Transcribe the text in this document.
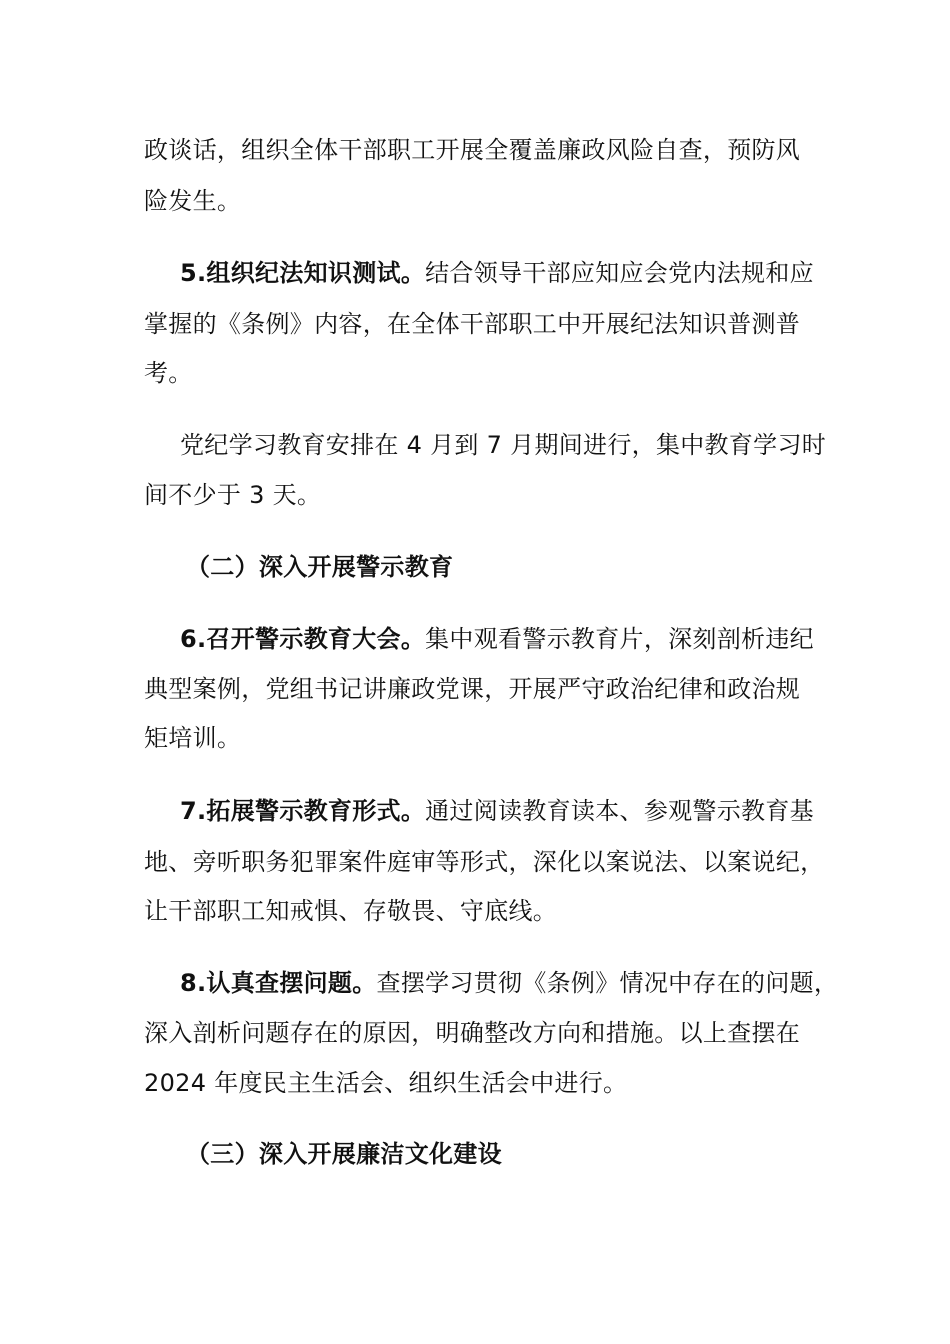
政谈话，组织全体干部职工开展全覆盖廉政风险自查，预防风
险发生。
5.组织纪法知识测试。结合领导干部应知应会党内法规和应
掌握的《条例》内容，在全体干部职工中开展纪法知识普测普
考。
党纪学习教育安排在 4 月到 7 月期间进行，集中教育学习时
间不少于 3 天。
（二）深入开展警示教育
6.召开警示教育大会。集中观看警示教育片，深刻剖析违纪
典型案例，党组书记讲廉政党课，开展严守政治纪律和政治规
矩培训。
7.拓展警示教育形式。通过阅读教育读本、参观警示教育基
地、旁听职务犯罪案件庭审等形式，深化以案说法、以案说纪，
让干部职工知戒惧、存敬畏、守底线。
8.认真查摆问题。查摆学习贯彻《条例》情况中存在的问题，
深入剖析问题存在的原因，明确整改方向和措施。以上查摆在
2024 年度民主生活会、组织生活会中进行。
（三）深入开展廉洁文化建设
